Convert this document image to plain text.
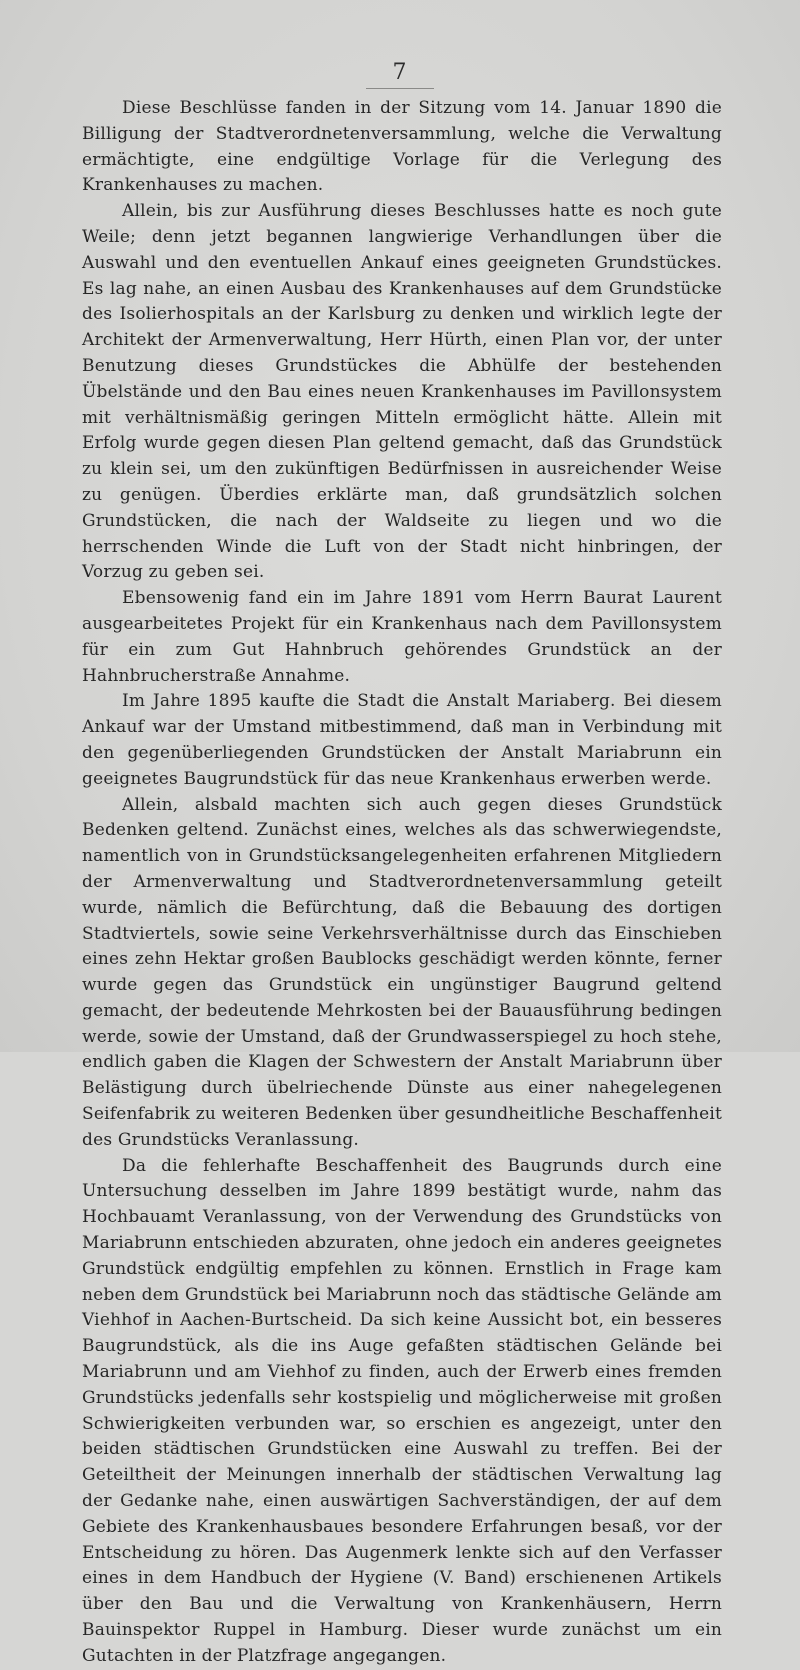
7

Diese Beschlüsse fanden in der Sitzung vom 14. Januar 1890 die Billigung der Stadtverordnetenversammlung, welche die Verwaltung ermächtigte, eine endgültige Vorlage für die Verlegung des Krankenhauses zu machen.

Allein, bis zur Ausführung dieses Beschlusses hatte es noch gute Weile; denn jetzt begannen langwierige Verhandlungen über die Auswahl und den eventuellen Ankauf eines geeigneten Grundstückes. Es lag nahe, an einen Ausbau des Krankenhauses auf dem Grundstücke des Isolierhospitals an der Karlsburg zu denken und wirklich legte der Architekt der Armenverwaltung, Herr Hürth, einen Plan vor, der unter Benutzung dieses Grundstückes die Abhülfe der bestehenden Übelstände und den Bau eines neuen Krankenhauses im Pavillonsystem mit verhältnismäßig geringen Mitteln ermöglicht hätte. Allein mit Erfolg wurde gegen diesen Plan geltend gemacht, daß das Grundstück zu klein sei, um den zukünftigen Bedürfnissen in ausreichender Weise zu genügen. Überdies erklärte man, daß grundsätzlich solchen Grundstücken, die nach der Waldseite zu liegen und wo die herrschenden Winde die Luft von der Stadt nicht hinbringen, der Vorzug zu geben sei.

Ebensowenig fand ein im Jahre 1891 vom Herrn Baurat Laurent ausgearbeitetes Projekt für ein Krankenhaus nach dem Pavillonsystem für ein zum Gut Hahnbruch gehörendes Grundstück an der Hahnbrucherstraße Annahme.

Im Jahre 1895 kaufte die Stadt die Anstalt Mariaberg. Bei diesem Ankauf war der Umstand mitbestimmend, daß man in Verbindung mit den gegenüberliegenden Grundstücken der Anstalt Mariabrunn ein geeignetes Baugrundstück für das neue Krankenhaus erwerben werde.

Allein, alsbald machten sich auch gegen dieses Grundstück Bedenken geltend. Zunächst eines, welches als das schwerwiegendste, namentlich von in Grundstücksangelegenheiten erfahrenen Mitgliedern der Armenverwaltung und Stadtverordnetenversammlung geteilt wurde, nämlich die Befürchtung, daß die Bebauung des dortigen Stadtviertels, sowie seine Verkehrsverhältnisse durch das Einschieben eines zehn Hektar großen Baublocks geschädigt werden könnte, ferner wurde gegen das Grundstück ein ungünstiger Baugrund geltend gemacht, der bedeutende Mehrkosten bei der Bauausführung bedingen werde, sowie der Umstand, daß der Grundwasserspiegel zu hoch stehe, endlich gaben die Klagen der Schwestern der Anstalt Mariabrunn über Belästigung durch übelriechende Dünste aus einer nahegelegenen Seifenfabrik zu weiteren Bedenken über gesundheitliche Beschaffenheit des Grundstücks Veranlassung.

Da die fehlerhafte Beschaffenheit des Baugrunds durch eine Untersuchung desselben im Jahre 1899 bestätigt wurde, nahm das Hochbauamt Veranlassung, von der Verwendung des Grundstücks von Mariabrunn entschieden abzuraten, ohne jedoch ein anderes geeignetes Grundstück endgültig empfehlen zu können. Ernstlich in Frage kam neben dem Grundstück bei Mariabrunn noch das städtische Gelände am Viehhof in Aachen-Burtscheid. Da sich keine Aussicht bot, ein besseres Baugrundstück, als die ins Auge gefaßten städtischen Gelände bei Mariabrunn und am Viehhof zu finden, auch der Erwerb eines fremden Grundstücks jedenfalls sehr kostspielig und möglicherweise mit großen Schwierigkeiten verbunden war, so erschien es angezeigt, unter den beiden städtischen Grundstücken eine Auswahl zu treffen. Bei der Geteiltheit der Meinungen innerhalb der städtischen Verwaltung lag der Gedanke nahe, einen auswärtigen Sachverständigen, der auf dem Gebiete des Krankenhausbaues besondere Erfahrungen besaß, vor der Entscheidung zu hören. Das Augenmerk lenkte sich auf den Verfasser eines in dem Handbuch der Hygiene (V. Band) erschienenen Artikels über den Bau und die Verwaltung von Krankenhäusern, Herrn Bauinspektor Ruppel in Hamburg. Dieser wurde zunächst um ein Gutachten in der Platzfrage angegangen.
